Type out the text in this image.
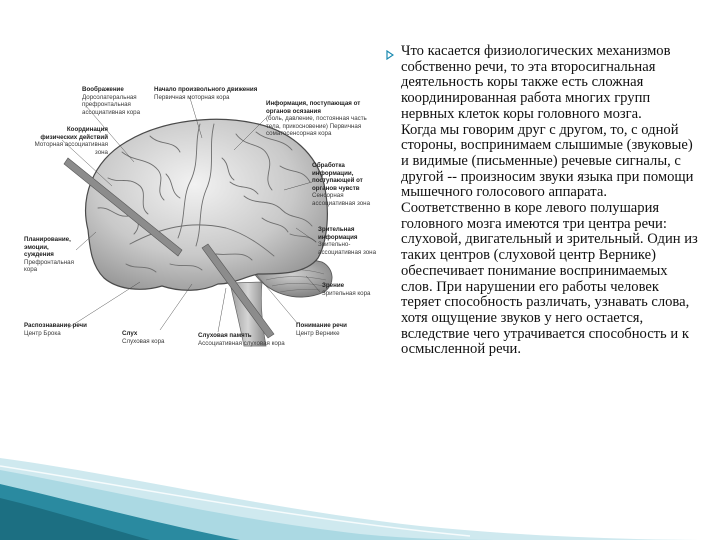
Воображение
Дорсолатеральная префронтальная ассоциативная кора
Начало произвольного движения
Первичная моторная кора
Координация физических действий
Моторная ассоциативная зона
Информация, поступающая от органов осязания
(боль, давление, постоянная часть тела, прикосновение) Первичная соматосенсорная кора
Обработка информации, поступающей от органов чувств
Сенсорная ассоциативная зона
Зрительная информация
Зрительно-ассоциативная зона
Планирование, эмоции, суждения
Префронтальная кора
Зрение
Зрительная кора
Распознавание речи
Центр Брока	Слух
Слуховая кора
Слуховая память
Ассоциативная слуховая кора
Понимание речи
Центр Вернике

Что касается физиологических механизмов собственно речи, то эта второсигнальная деятельность коры также есть сложная координированная работа многих групп нервных клеток коры головного мозга.

Когда мы говорим друг с другом, то, с одной стороны, воспринимаем слышимые (звуковые) и видимые (письменные) речевые сигналы, с другой -- произносим звуки языка при помощи мышечного голосового аппарата. Соответственно в коре левого полушария головного мозга имеются три центра речи: слуховой, двигательный и зрительный. Один из таких центров (слуховой центр Вернике) обеспечивает понимание воспринимаемых слов. При нарушении его работы человек теряет способность различать, узнавать слова, хотя ощущение звуков у него остается, вследствие чего утрачивается способность и к осмысленной речи.
